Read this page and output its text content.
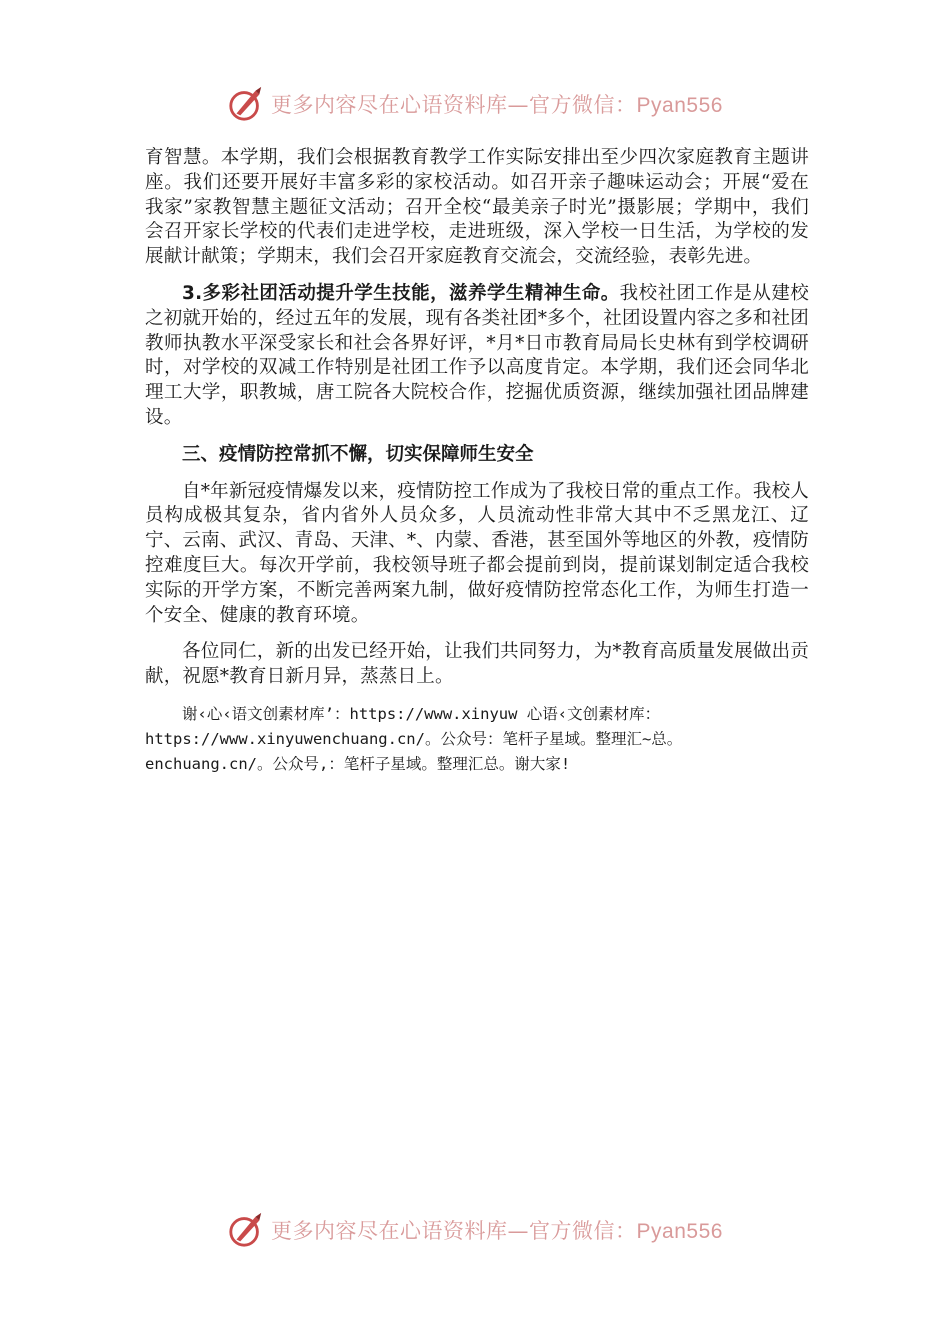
更多内容尽在心语资料库—官方微信：Pyan556

育智慧。本学期，我们会根据教育教学工作实际安排出至少四次家庭教育主题讲座。我们还要开展好丰富多彩的家校活动。如召开亲子趣味运动会；开展“爱在我家”家教智慧主题征文活动；召开全校“最美亲子时光”摄影展；学期中，我们会召开家长学校的代表们走进学校，走进班级，深入学校一日生活，为学校的发展献计献策；学期末，我们会召开家庭教育交流会，交流经验，表彰先进。

3.多彩社团活动提升学生技能，滋养学生精神生命。我校社团工作是从建校之初就开始的，经过五年的发展，现有各类社团*多个，社团设置内容之多和社团教师执教水平深受家长和社会各界好评，*月*日市教育局局长史林有到学校调研时，对学校的双减工作特别是社团工作予以高度肯定。本学期，我们还会同华北理工大学，职教城，唐工院各大院校合作，挖掘优质资源，继续加强社团品牌建设。

三、疫情防控常抓不懈，切实保障师生安全

自*年新冠疫情爆发以来，疫情防控工作成为了我校日常的重点工作。我校人员构成极其复杂，省内省外人员众多，人员流动性非常大其中不乏黑龙江、辽宁、云南、武汉、青岛、天津、*、内蒙、香港，甚至国外等地区的外教，疫情防控难度巨大。每次开学前，我校领导班子都会提前到岗，提前谋划制定适合我校实际的开学方案，不断完善两案九制，做好疫情防控常态化工作，为师生打造一个安全、健康的教育环境。

各位同仁，新的出发已经开始，让我们共同努力，为*教育高质量发展做出贡献，祝愿*教育日新月异，蒸蒸日上。

谢‹心‹语文创素材库’：https://www.xinyuw 心语‹文创素材库：

https://www.xinyuwenchuang.cn/。公众号：笔杆子星域。整理汇~总。

enchuang.cn/。公众号,：笔杆子星域。整理汇总。谢大家!

更多内容尽在心语资料库—官方微信：Pyan556
